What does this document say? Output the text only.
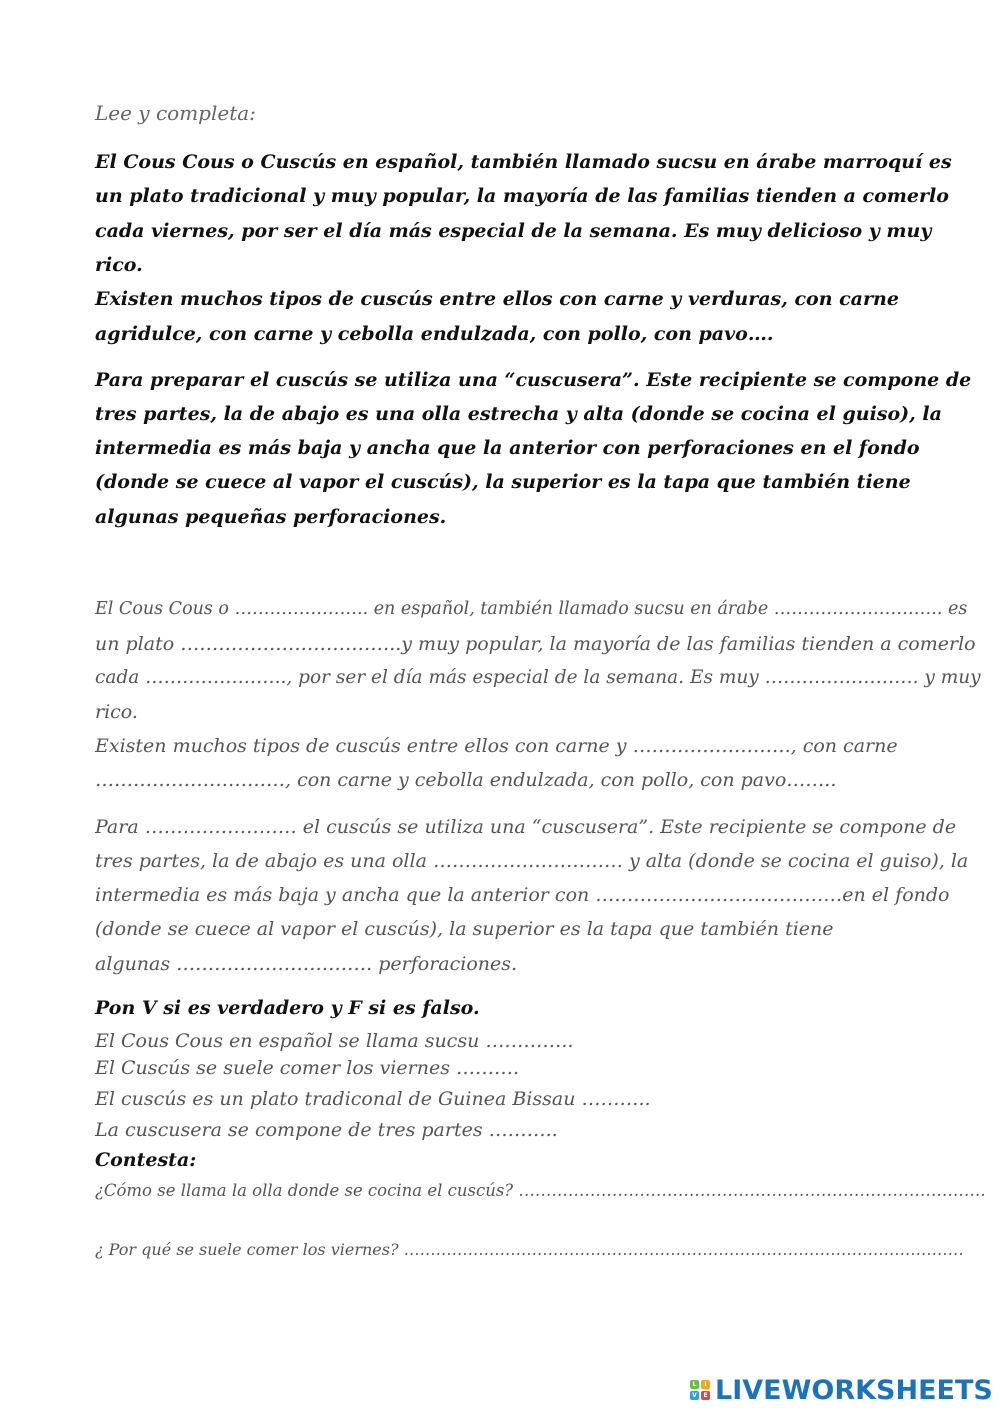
Lee y completa:
El Cous Cous o Cuscús en español, también llamado sucsu en árabe marroquí es
un plato tradicional y muy popular, la mayoría de las familias tienden a comerlo
cada viernes, por ser el día más especial de la semana. Es muy delicioso y muy
rico.
Existen muchos tipos de cuscús entre ellos con carne y verduras, con carne
agridulce, con carne y cebolla endulzada, con pollo, con pavo….
Para preparar el cuscús se utiliza una “cuscusera”. Este recipiente se compone de
tres partes, la de abajo es una olla estrecha y alta (donde se cocina el guiso), la
intermedia es más baja y ancha que la anterior con perforaciones en el fondo
(donde se cuece al vapor el cuscús), la superior es la tapa que también tiene
algunas pequeñas perforaciones.
El Cous Cous o ………………….. en español, también llamado sucsu en árabe ……………………….. es
un plato ……………………………..y muy popular, la mayoría de las familias tienden a comerlo
cada ………………….., por ser el día más especial de la semana. Es muy ……………………. y muy
rico.
Existen muchos tipos de cuscús entre ellos con carne y ……………………., con carne
…………………………, con carne y cebolla endulzada, con pollo, con pavo……..
Para …………………… el cuscús se utiliza una “cuscusera”. Este recipiente se compone de
tres partes, la de abajo es una olla ………………………… y alta (donde se cocina el guiso), la
intermedia es más baja y ancha que la anterior con …………………………………en el fondo
(donde se cuece al vapor el cuscús), la superior es la tapa que también tiene
algunas …………………………. perforaciones.
Pon V si es verdadero y F si es falso.
El Cous Cous en español se llama sucsu …………..
El Cuscús se suele comer los viernes ……….
El cuscús es un plato tradiconal de Guinea Bissau ………..
La cuscusera se compone de tres partes ………..
Contesta:
¿Cómo se llama la olla donde se cocina el cuscús? ………………………………………………………………………….
¿ Por qué se suele comer los viernes? ……………………………………………………………………………………………
L	I
V	E LIVEWORKSHEETS
